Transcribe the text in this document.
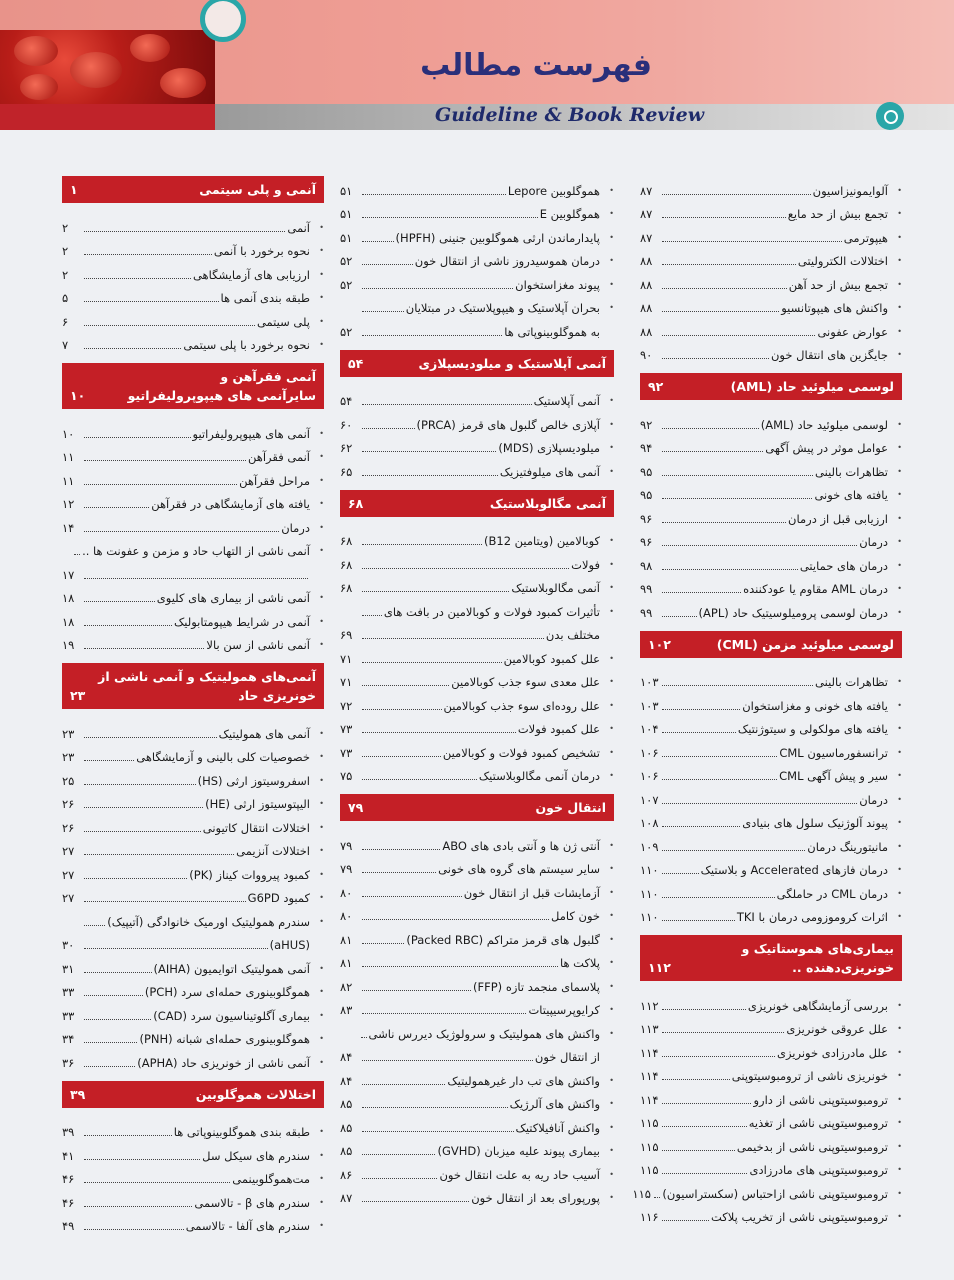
فهرست مطالب
Guideline & Book Review
آنمی و پلی سیتمی
۱
•
آنمی
۲
•
نحوه برخورد با آنمی
۲
•
ارزیابی های آزمایشگاهی
۲
•
طبقه بندی آنمی ها
۵
•
پلی سیتمی
۶
•
نحوه برخورد با پلی سیتمی
۷
آنمی فقرآهن و
سایرآنمی های هیپوپرولیفراتیو
۱۰
•
آنمی های هیپوپرولیفراتیو
۱۰
•
آنمی فقرآهن
۱۱
•
مراحل فقرآهن
۱۱
•
یافته های آزمایشگاهی در فقرآهن
۱۲
•
درمان
۱۴
•
آنمی ناشی از التهاب حاد و مزمن و عفونت ها ..
۱۷
•
آنمی ناشی از بیماری های کلیوی
۱۸
•
آنمی در شرایط هیپومتابولیک
۱۸
•
آنمی ناشی از سن بالا
۱۹
آنمی‌های همولیتیک و آنمی ناشی از خونریزی حاد
۲۳
•
آنمی های همولیتیک
۲۳
•
خصوصیات کلی بالینی و آزمایشگاهی
۲۳
•
اسفروسیتوز ارثی (HS)
۲۵
•
الیپتوسیتوز ارثی (HE)
۲۶
•
اختلالات انتقال کاتیونی
۲۶
•
اختلالات آنزیمی
۲۷
•
کمبود پیرووات کیناز (PK)
۲۷
•
کمبود G6PD
۲۷
•
سندرم همولیتیک اورمیک خانوادگی (آتیپیک)
(aHUS)
۳۰
•
آنمی همولیتیک اتوایمیون (AIHA)
۳۱
•
هموگلوبینوری حمله‌ای سرد (PCH)
۳۳
•
بیماری آگلوتیناسیون سرد (CAD)
۳۳
•
هموگلوبینوری حمله‌ای شبانه (PNH)
۳۴
•
آنمی ناشی از خونریزی حاد (APHA)
۳۶
اختلالات هموگلوبین
۳۹
•
طبقه بندی هموگلوبینوپاتی ها
۳۹
•
سندرم های سیکل سل
۴۱
•
مت‌هموگلوبینمی
۴۶
•
سندرم های β - تالاسمی
۴۶
•
سندرم های آلفا - تالاسمی
۴۹
•
هموگلوبین Lepore
۵۱
•
هموگلوبین E
۵۱
•
پایدارماندن ارثی هموگلوبین جنینی (HPFH)
۵۱
•
درمان هموسیدروز ناشی از انتقال خون
۵۲
•
پیوند مغزاستخوان
۵۲
•
بحران آپلاستیک و هیپوپلاستیک در مبتلایان
به هموگلوبینوپاتی ها
۵۲
آنمی آپلاستیک و میلودیسپلازی
۵۴
•
آنمی آپلاستیک
۵۴
•
آپلازی خالص گلبول های قرمز (PRCA)
۶۰
•
میلودیسپلازی (MDS)
۶۲
•
آنمی های میلوفتیزیک
۶۵
آنمی مگالوبلاستیک
۶۸
•
کوبالامین (ویتامین B12)
۶۸
•
فولات
۶۸
•
آنمی مگالوبلاستیک
۶۸
•
تأثیرات کمبود فولات و کوبالامین در بافت های
مختلف بدن
۶۹
•
علل کمبود کوبالامین
۷۱
•
علل معدی سوء جذب کوبالامین
۷۱
•
علل روده‌ای سوء جذب کوبالامین
۷۲
•
علل کمبود فولات
۷۳
•
تشخیص کمبود فولات و کوبالامین
۷۳
•
درمان آنمی مگالوبلاستیک
۷۵
انتقال خون
۷۹
•
آنتی ژن ها و آنتی بادی های ABO
۷۹
•
سایر سیستم های گروه های خونی
۷۹
•
آزمایشات قبل از انتقال خون
۸۰
•
خون کامل
۸۰
•
گلبول های قرمز متراکم (Packed RBC)
۸۱
•
پلاکت ها
۸۱
•
پلاسمای منجمد تازه (FFP)
۸۲
•
کرایوپرسیپیتات
۸۳
•
واکنش های همولیتیک و سرولوژیک دیررس ناشی
از انتقال خون
۸۴
•
واکنش های تب دار غیرهمولیتیک
۸۴
•
واکنش های آلرژیک
۸۵
•
واکنش آنافیلاکتیک
۸۵
•
بیماری پیوند علیه میزبان (GVHD)
۸۵
•
آسیب حاد ریه به علت انتقال خون
۸۶
•
پورپورای بعد از انتقال خون
۸۷
•
آلوایمونیزاسیون
۸۷
•
تجمع بیش از حد مایع
۸۷
•
هیپوترمی
۸۷
•
اختلالات الکترولیتی
۸۸
•
تجمع بیش از حد آهن
۸۸
•
واکنش های هیپوتانسیو
۸۸
•
عوارض عفونی
۸۸
•
جایگزین های انتقال خون
۹۰
لوسمی میلوئید حاد (AML)
۹۲
•
لوسمی میلوئید حاد (AML)
۹۲
•
عوامل موثر در پیش آگهی
۹۴
•
تظاهرات بالینی
۹۵
•
یافته های خونی
۹۵
•
ارزیابی قبل از درمان
۹۶
•
درمان
۹۶
•
درمان های حمایتی
۹۸
•
درمان AML مقاوم یا عودکننده
۹۹
•
درمان لوسمی پرومیلوسیتیک حاد (APL)
۹۹
لوسمی میلوئید مزمن (CML)
۱۰۲
•
تظاهرات بالینی
۱۰۳
•
یافته های خونی و مغزاستخوان
۱۰۳
•
یافته های مولکولی و سیتوژنتیک
۱۰۴
•
ترانسفورماسیون CML
۱۰۶
•
سیر و پیش آگهی CML
۱۰۶
•
درمان
۱۰۷
•
پیوند آلوژنیک سلول های بنیادی
۱۰۸
•
مانیتورینگ درمان
۱۰۹
•
درمان فازهای Accelerated و بلاستیک
۱۱۰
•
درمان CML در حاملگی
۱۱۰
•
اثرات کروموزومی درمان با TKI
۱۱۰
بیماری‌های هموستاتیک و خونریزی‌دهنده ..
۱۱۲
•
بررسی آزمایشگاهی خونریزی
۱۱۲
•
علل عروقی خونریزی
۱۱۳
•
علل مادرزادی خونریزی
۱۱۴
•
خونریزی ناشی از ترومبوسیتوپنی
۱۱۴
•
ترومبوسیتوپنی ناشی از دارو
۱۱۴
•
ترومبوسیتوپنی ناشی از تغذیه
۱۱۵
•
ترومبوسیتوپنی ناشی از بدخیمی
۱۱۵
•
ترومبوسیتوپنی های مادرزادی
۱۱۵
•
ترومبوسیتوپنی ناشی ازاحتباس (سکستراسیون)
۱۱۵
•
ترومبوسیتوپنی ناشی از تخریب پلاکت
۱۱۶
